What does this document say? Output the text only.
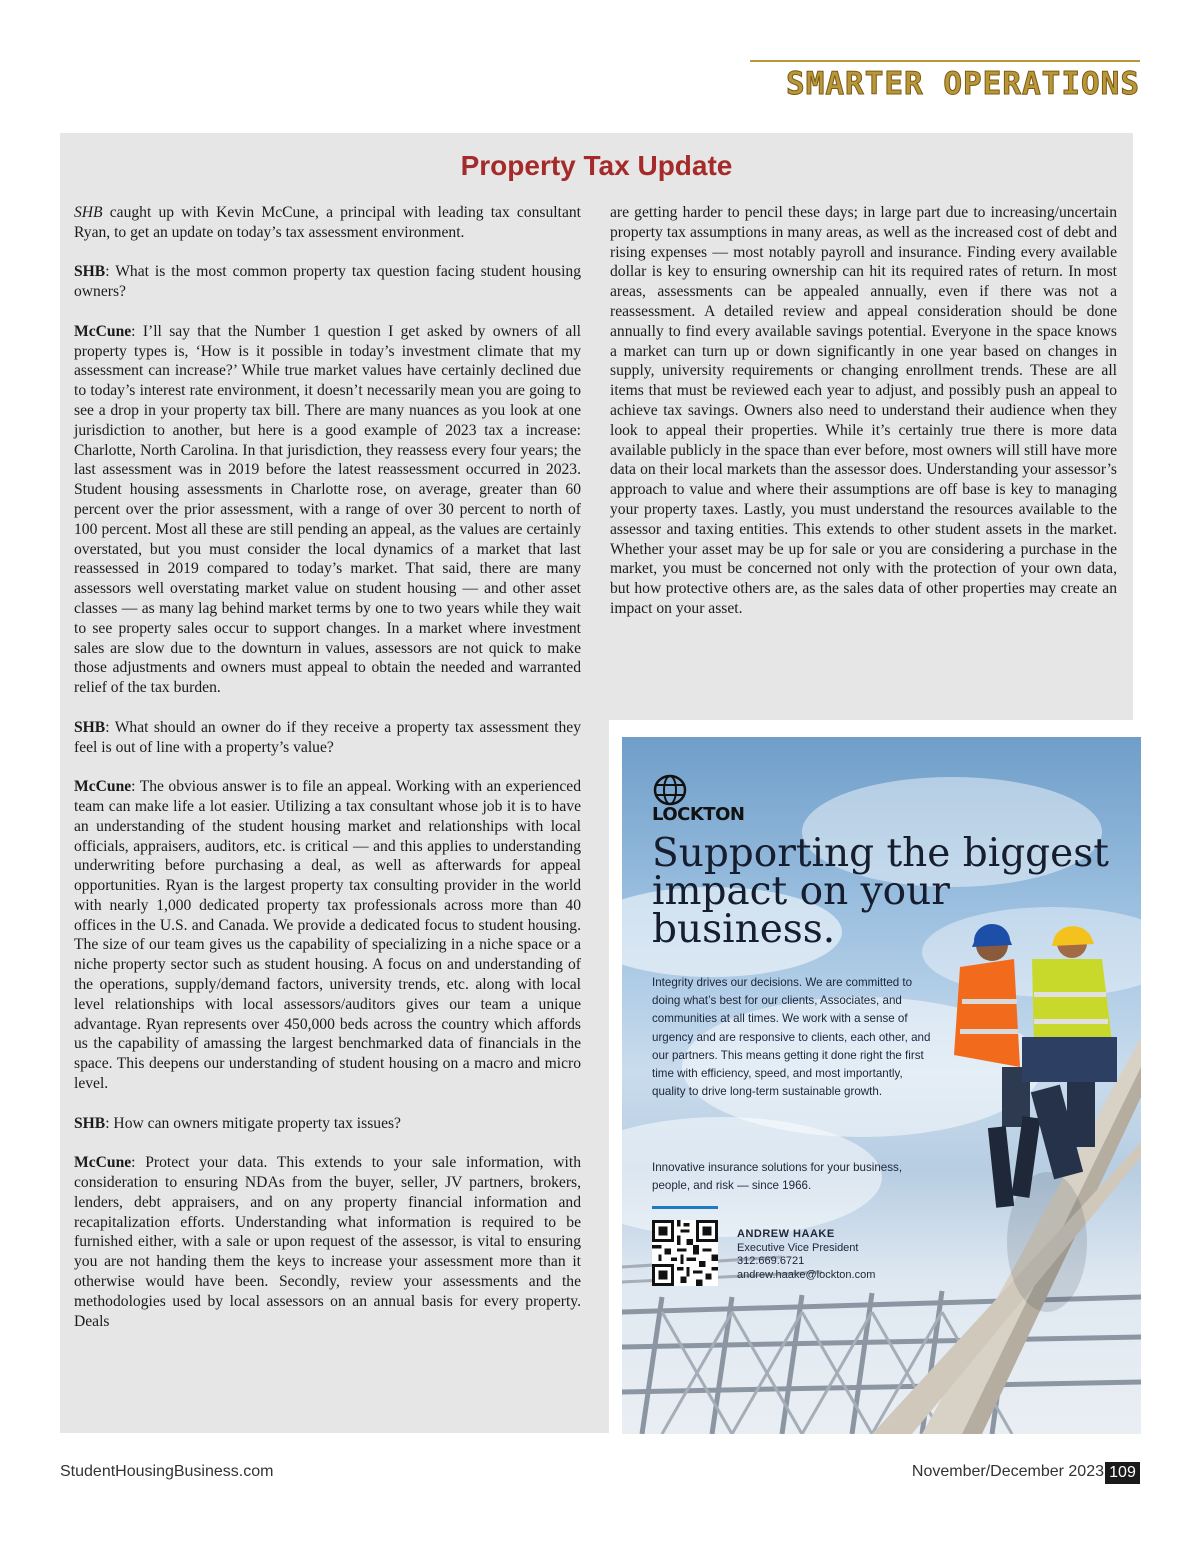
SMARTER OPERATIONS
Property Tax Update

SHB caught up with Kevin McCune, a principal with leading tax consultant Ryan, to get an update on today’s tax assessment environment.

SHB: What is the most common property tax question facing student housing owners?

McCune: I’ll say that the Number 1 question I get asked by owners of all property types is, ‘How is it possible in today’s investment climate that my assessment can increase?’ While true market values have certainly declined due to today’s interest rate environment, it doesn’t necessarily mean you are going to see a drop in your property tax bill. There are many nuances as you look at one jurisdiction to another, but here is a good example of 2023 tax a increase: Charlotte, North Carolina. In that jurisdiction, they reassess every four years; the last assessment was in 2019 before the latest reassessment occurred in 2023. Student housing assessments in Charlotte rose, on average, greater than 60 percent over the prior assessment, with a range of over 30 percent to north of 100 percent. Most all these are still pending an appeal, as the values are certainly overstated, but you must consider the local dynamics of a market that last reassessed in 2019 compared to today’s market. That said, there are many assessors well overstating market value on student housing — and other asset classes — as many lag behind market terms by one to two years while they wait to see property sales occur to support changes. In a market where investment sales are slow due to the downturn in values, assessors are not quick to make those adjustments and owners must appeal to obtain the needed and warranted relief of the tax burden.

SHB: What should an owner do if they receive a property tax assessment they feel is out of line with a property’s value?

McCune: The obvious answer is to file an appeal. Working with an experienced team can make life a lot easier. Utilizing a tax consultant whose job it is to have an understanding of the student housing market and relationships with local officials, appraisers, auditors, etc. is critical — and this applies to understanding underwriting before purchasing a deal, as well as afterwards for appeal opportunities. Ryan is the largest property tax consulting provider in the world with nearly 1,000 dedicated property tax professionals across more than 40 offices in the U.S. and Canada. We provide a dedicated focus to student housing. The size of our team gives us the capability of specializing in a niche space or a niche property sector such as student housing. A focus on and understanding of the operations, supply/demand factors, university trends, etc. along with local level relationships with local assessors/auditors gives our team a unique advantage. Ryan represents over 450,000 beds across the country which affords us the capability of amassing the largest benchmarked data of financials in the space. This deepens our understanding of student housing on a macro and micro level.

SHB: How can owners mitigate property tax issues?

McCune: Protect your data. This extends to your sale information, with consideration to ensuring NDAs from the buyer, seller, JV partners, brokers, lenders, debt appraisers, and on any property financial information and recapitalization efforts. Understanding what information is required to be furnished either, with a sale or upon request of the assessor, is vital to ensuring you are not handing them the keys to increase your assessment more than it otherwise would have been. Secondly, review your assessments and the methodologies used by local assessors on an annual basis for every property. Deals

are getting harder to pencil these days; in large part due to increasing/uncertain property tax assumptions in many areas, as well as the increased cost of debt and rising expenses — most notably payroll and insurance. Finding every available dollar is key to ensuring ownership can hit its required rates of return. In most areas, assessments can be appealed annually, even if there was not a reassessment. A detailed review and appeal consideration should be done annually to find every available savings potential. Everyone in the space knows a market can turn up or down significantly in one year based on changes in supply, university requirements or changing enrollment trends. These are all items that must be reviewed each year to adjust, and possibly push an appeal to achieve tax savings. Owners also need to understand their audience when they look to appeal their properties. While it’s certainly true there is more data available publicly in the space than ever before, most owners will still have more data on their local markets than the assessor does. Understanding your assessor’s approach to value and where their assumptions are off base is key to managing your property taxes. Lastly, you must understand the resources available to the assessor and taxing entities. This extends to other student assets in the market. Whether your asset may be up for sale or you are considering a purchase in the market, you must be concerned not only with the protection of your own data, but how protective others are, as the sales data of other properties may create an impact on your asset.

LOCKTON
Supporting the biggest impact on your business.
Integrity drives our decisions. We are committed to doing what’s best for our clients, Associates, and communities at all times. We work with a sense of urgency and are responsive to clients, each other, and our partners. This means getting it done right the first time with efficiency, speed, and most importantly, quality to drive long-term sustainable growth.
Innovative insurance solutions for your business, people, and risk — since 1966.
ANDREW HAAKE
Executive Vice President
312.669.6721
andrew.haake@lockton.com
StudentHousingBusiness.com	November/December 2023 109
